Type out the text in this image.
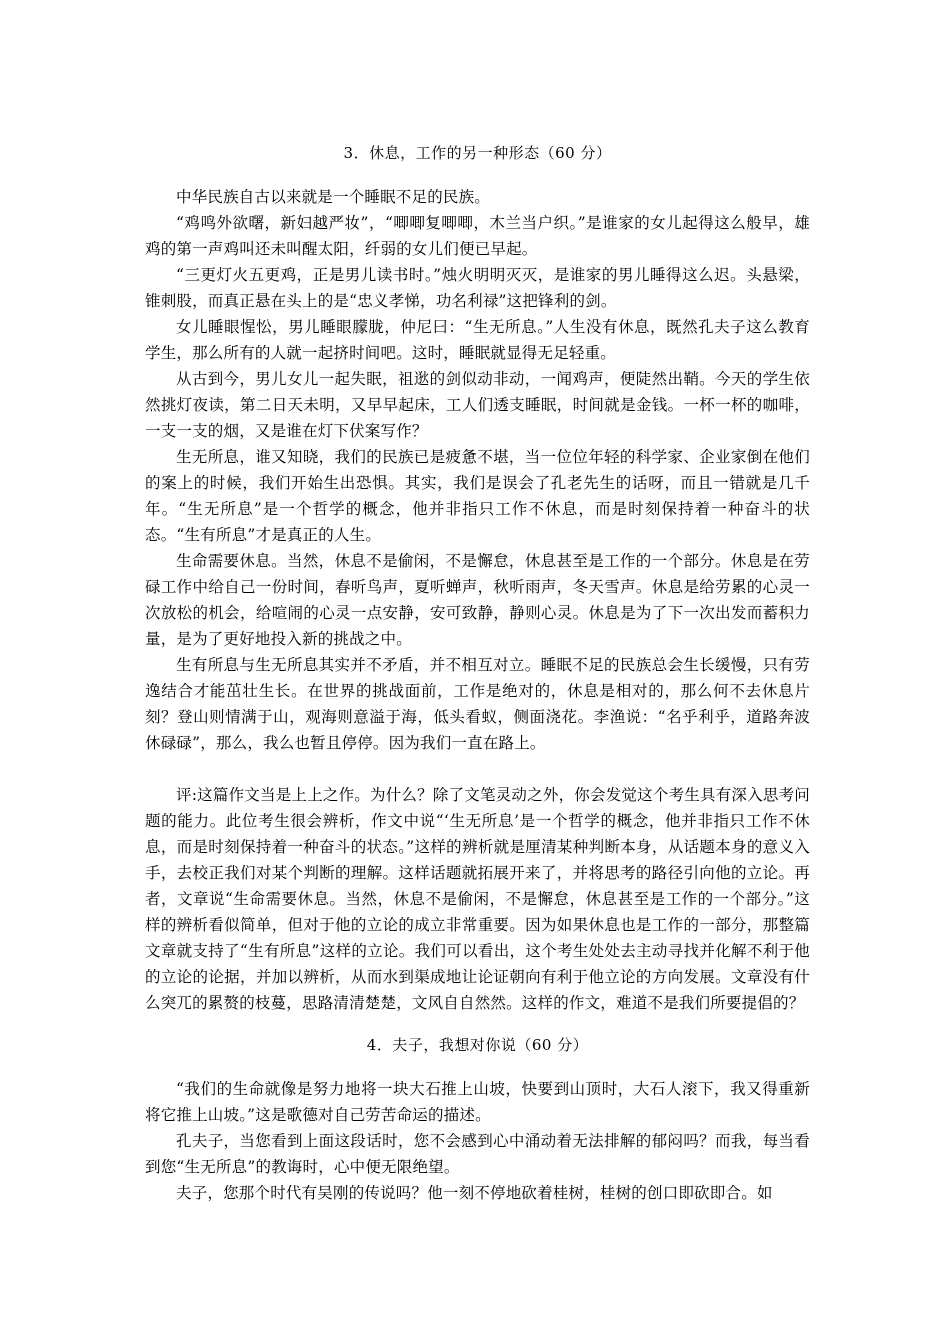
3．休息，工作的另一种形态（60 分）

中华民族自古以来就是一个睡眠不足的民族。

“鸡鸣外欲曙，新妇越严妆”，“唧唧复唧唧，木兰当户织。”是谁家的女儿起得这么般早，雄鸡的第一声鸡叫还未叫醒太阳，纤弱的女儿们便已早起。

“三更灯火五更鸡，正是男儿读书时。”烛火明明灭灭，是谁家的男儿睡得这么迟。头悬梁，锥刺股，而真正悬在头上的是“忠义孝悌，功名利禄”这把锋利的剑。

女儿睡眼惺忪，男儿睡眼朦胧，仲尼曰：“生无所息。”人生没有休息，既然孔夫子这么教育学生，那么所有的人就一起挤时间吧。这时，睡眠就显得无足轻重。

从古到今，男儿女儿一起失眠，祖逖的剑似动非动，一闻鸡声，便陡然出鞘。今天的学生依然挑灯夜读，第二日天未明，又早早起床，工人们透支睡眠，时间就是金钱。一杯一杯的咖啡，一支一支的烟，又是谁在灯下伏案写作？

生无所息，谁又知晓，我们的民族已是疲惫不堪，当一位位年轻的科学家、企业家倒在他们的案上的时候，我们开始生出恐惧。其实，我们是误会了孔老先生的话呀，而且一错就是几千年。“生无所息”是一个哲学的概念，他并非指只工作不休息，而是时刻保持着一种奋斗的状态。“生有所息”才是真正的人生。

生命需要休息。当然，休息不是偷闲，不是懈怠，休息甚至是工作的一个部分。休息是在劳碌工作中给自己一份时间，春听鸟声，夏听蝉声，秋听雨声，冬天雪声。休息是给劳累的心灵一次放松的机会，给喧闹的心灵一点安静，安可致静，静则心灵。休息是为了下一次出发而蓄积力量，是为了更好地投入新的挑战之中。

生有所息与生无所息其实并不矛盾，并不相互对立。睡眠不足的民族总会生长缓慢，只有劳逸结合才能茁壮生长。在世界的挑战面前，工作是绝对的，休息是相对的，那么何不去休息片刻？登山则情满于山，观海则意溢于海，低头看蚁，侧面浇花。李渔说：“名乎利乎，道路奔波休碌碌”，那么，我么也暂且停停。因为我们一直在路上。

评:这篇作文当是上上之作。为什么？除了文笔灵动之外，你会发觉这个考生具有深入思考问题的能力。此位考生很会辨析，作文中说“‘生无所息’是一个哲学的概念，他并非指只工作不休息，而是时刻保持着一种奋斗的状态。”这样的辨析就是厘清某种判断本身，从话题本身的意义入手，去校正我们对某个判断的理解。这样话题就拓展开来了，并将思考的路径引向他的立论。再者，文章说“生命需要休息。当然，休息不是偷闲，不是懈怠，休息甚至是工作的一个部分。”这样的辨析看似简单，但对于他的立论的成立非常重要。因为如果休息也是工作的一部分，那整篇文章就支持了“生有所息”这样的立论。我们可以看出，这个考生处处去主动寻找并化解不利于他的立论的论据，并加以辨析，从而水到渠成地让论证朝向有利于他立论的方向发展。文章没有什么突兀的累赘的枝蔓，思路清清楚楚，文风自自然然。这样的作文，难道不是我们所要提倡的？

4．夫子，我想对你说（60 分）

“我们的生命就像是努力地将一块大石推上山坡，快要到山顶时，大石人滚下，我又得重新将它推上山坡。”这是歌德对自己劳苦命运的描述。

孔夫子，当您看到上面这段话时，您不会感到心中涌动着无法排解的郁闷吗？而我，每当看到您“生无所息”的教诲时，心中便无限绝望。

夫子，您那个时代有吴刚的传说吗？他一刻不停地砍着桂树，桂树的创口即砍即合。如
